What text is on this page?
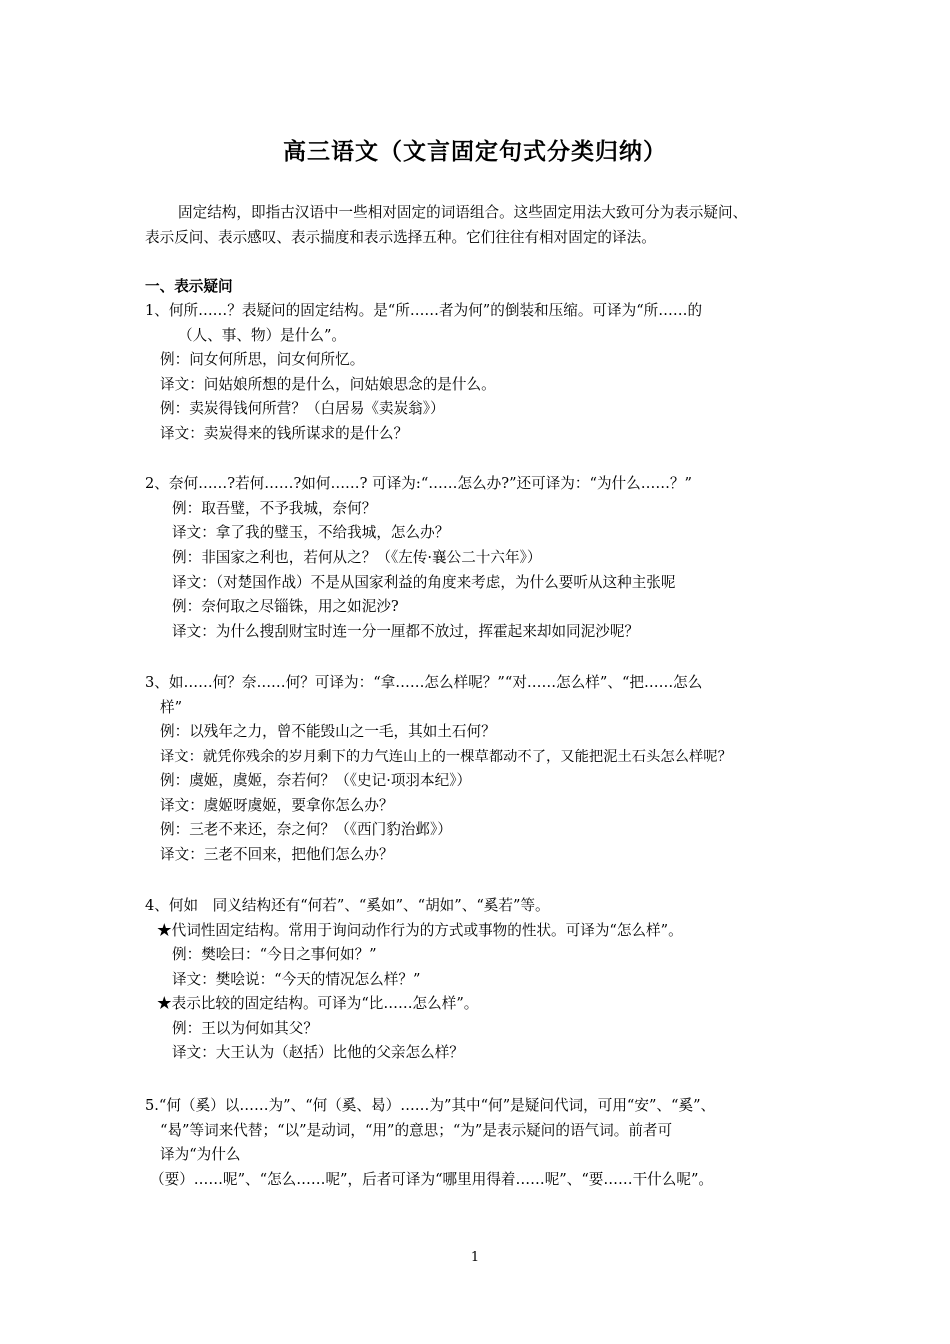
高三语文（文言固定句式分类归纳）
固定结构，即指古汉语中一些相对固定的词语组合。这些固定用法大致可分为表示疑问、
表示反问、表示感叹、表示揣度和表示选择五种。它们往往有相对固定的译法。
一、表示疑问
1、何所……？表疑问的固定结构。是“所……者为何”的倒装和压缩。可译为“所……的
（人、事、物）是什么”。
例：问女何所思，问女何所忆。
译文：问姑娘所想的是什么，问姑娘思念的是什么。
例：卖炭得钱何所营？（白居易《卖炭翁》）
译文：卖炭得来的钱所谋求的是什么？
2、奈何……?若何……?如何……? 可译为:“……怎么办?”还可译为：“为什么……？”
例：取吾璧，不予我城，奈何？
译文：拿了我的璧玉，不给我城，怎么办？
例：非国家之利也，若何从之？（《左传·襄公二十六年》）
译文：（对楚国作战）不是从国家利益的角度来考虑，为什么要听从这种主张呢
例：奈何取之尽锱铢，用之如泥沙?
译文：为什么搜刮财宝时连一分一厘都不放过，挥霍起来却如同泥沙呢？
3、如……何？奈……何？可译为：“拿……怎么样呢？”“对……怎么样”、“把……怎么
样”
例：以残年之力，曾不能毁山之一毛，其如土石何？
译文：就凭你残余的岁月剩下的力气连山上的一棵草都动不了，又能把泥土石头怎么样呢？
例：虞姬，虞姬，奈若何？（《史记·项羽本纪》）
译文：虞姬呀虞姬，要拿你怎么办？
例：三老不来还，奈之何？（《西门豹治邺》）
译文：三老不回来，把他们怎么办？
4、何如　同义结构还有“何若”、“奚如”、“胡如”、“奚若”等。
★代词性固定结构。常用于询问动作行为的方式或事物的性状。可译为“怎么样”。
例：樊哙曰：“今日之事何如？”
译文：樊哙说：“今天的情况怎么样？”
★表示比较的固定结构。可译为“比……怎么样”。
例：王以为何如其父？
译文：大王认为（赵括）比他的父亲怎么样？
5.“何（奚）以……为”、“何（奚、曷）……为”其中“何”是疑问代词，可用“安”、“奚”、
“曷”等词来代替；“以”是动词，“用”的意思；“为”是表示疑问的语气词。前者可
译为“为什么
（要）……呢”、“怎么……呢”，后者可译为“哪里用得着……呢”、“要……干什么呢”。
1
